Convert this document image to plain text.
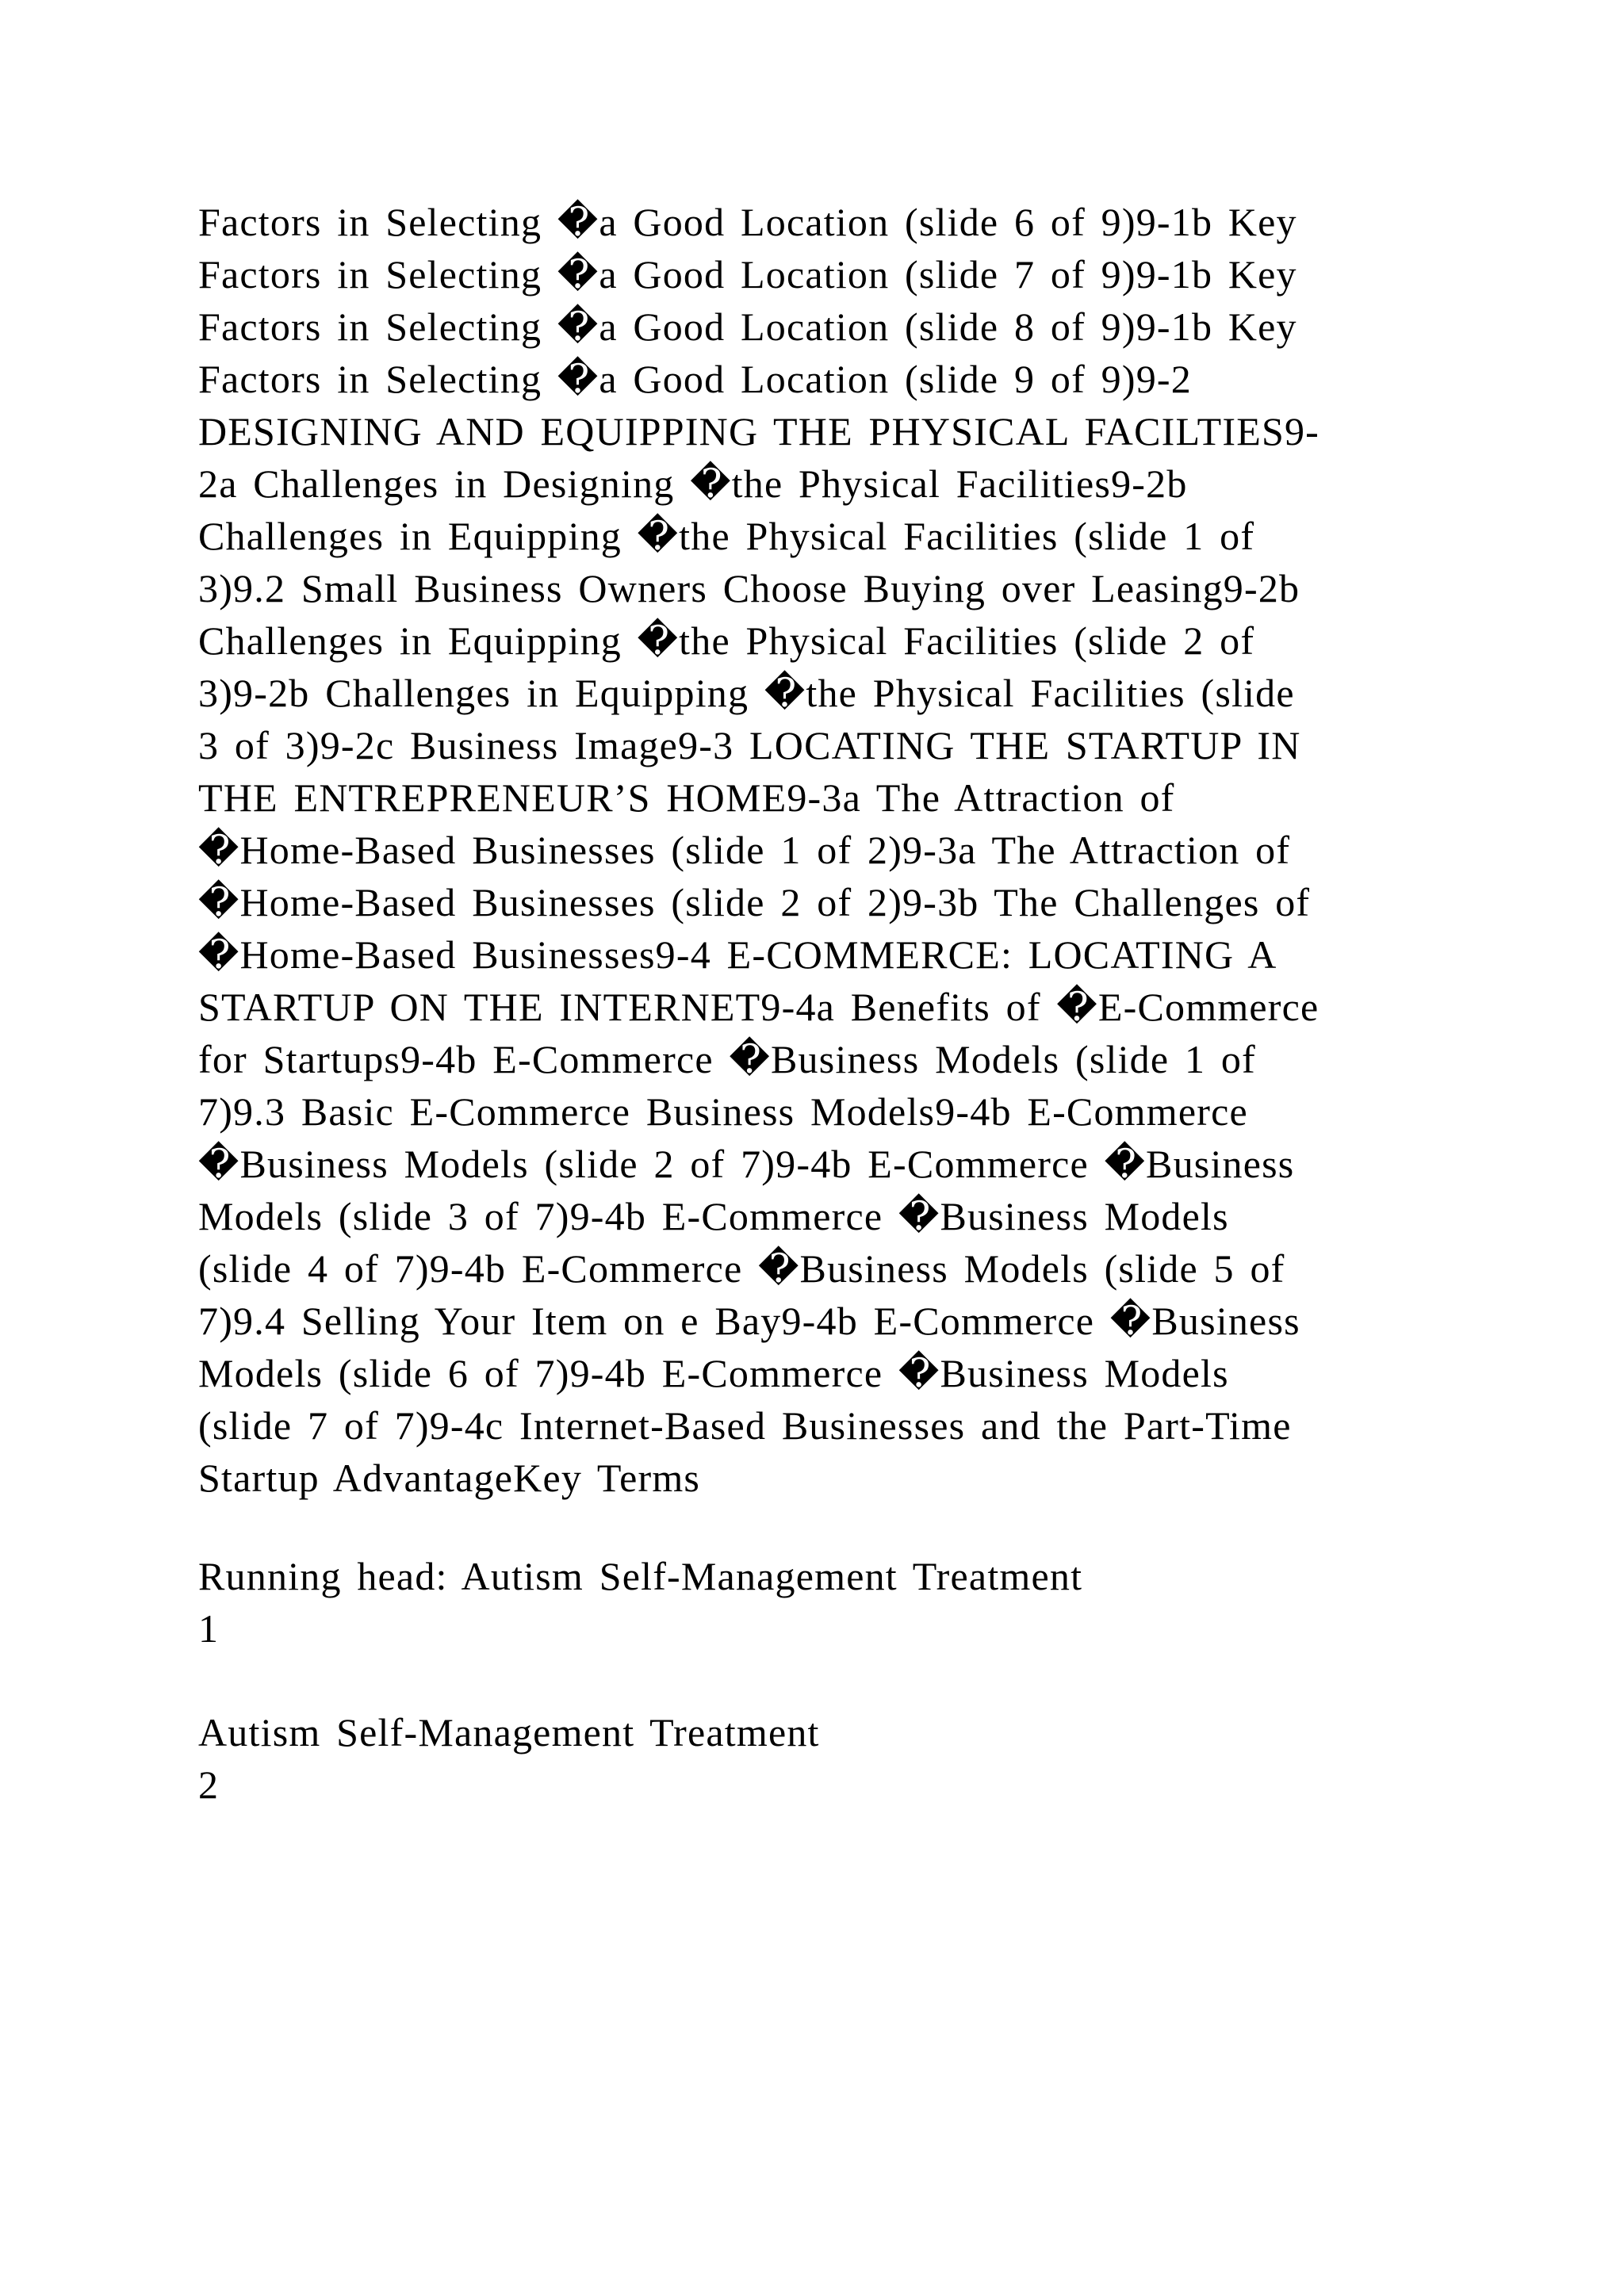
Factors in Selecting �a Good Location (slide 6 of 9)9-1b Key
Factors in Selecting �a Good Location (slide 7 of 9)9-1b Key
Factors in Selecting �a Good Location (slide 8 of 9)9-1b Key
Factors in Selecting �a Good Location (slide 9 of 9)9-2
DESIGNING AND EQUIPPING THE PHYSICAL FACILTIES9-
2a Challenges in Designing �the Physical Facilities9-2b
Challenges in Equipping �the Physical Facilities (slide 1 of
3)9.2 Small Business Owners Choose Buying over Leasing9-2b
Challenges in Equipping �the Physical Facilities (slide 2 of
3)9-2b Challenges in Equipping �the Physical Facilities (slide
3 of 3)9-2c Business Image9-3 LOCATING THE STARTUP IN
THE ENTREPRENEUR’S HOME9-3a The Attraction of
�Home-Based Businesses (slide 1 of 2)9-3a The Attraction of
�Home-Based Businesses (slide 2 of 2)9-3b The Challenges of
�Home-Based Businesses9-4 E-COMMERCE: LOCATING A
STARTUP ON THE INTERNET9-4a Benefits of �E-Commerce
for Startups9-4b E-Commerce �Business Models (slide 1 of
7)9.3 Basic E-Commerce Business Models9-4b E-Commerce
�Business Models (slide 2 of 7)9-4b E-Commerce �Business
Models (slide 3 of 7)9-4b E-Commerce �Business Models
(slide 4 of 7)9-4b E-Commerce �Business Models (slide 5 of
7)9.4 Selling Your Item on e Bay9-4b E-Commerce �Business
Models (slide 6 of 7)9-4b E-Commerce �Business Models
(slide 7 of 7)9-4c Internet-Based Businesses and the Part-Time
Startup AdvantageKey Terms
Running head: Autism Self-Management Treatment
1
Autism Self-Management Treatment
2
